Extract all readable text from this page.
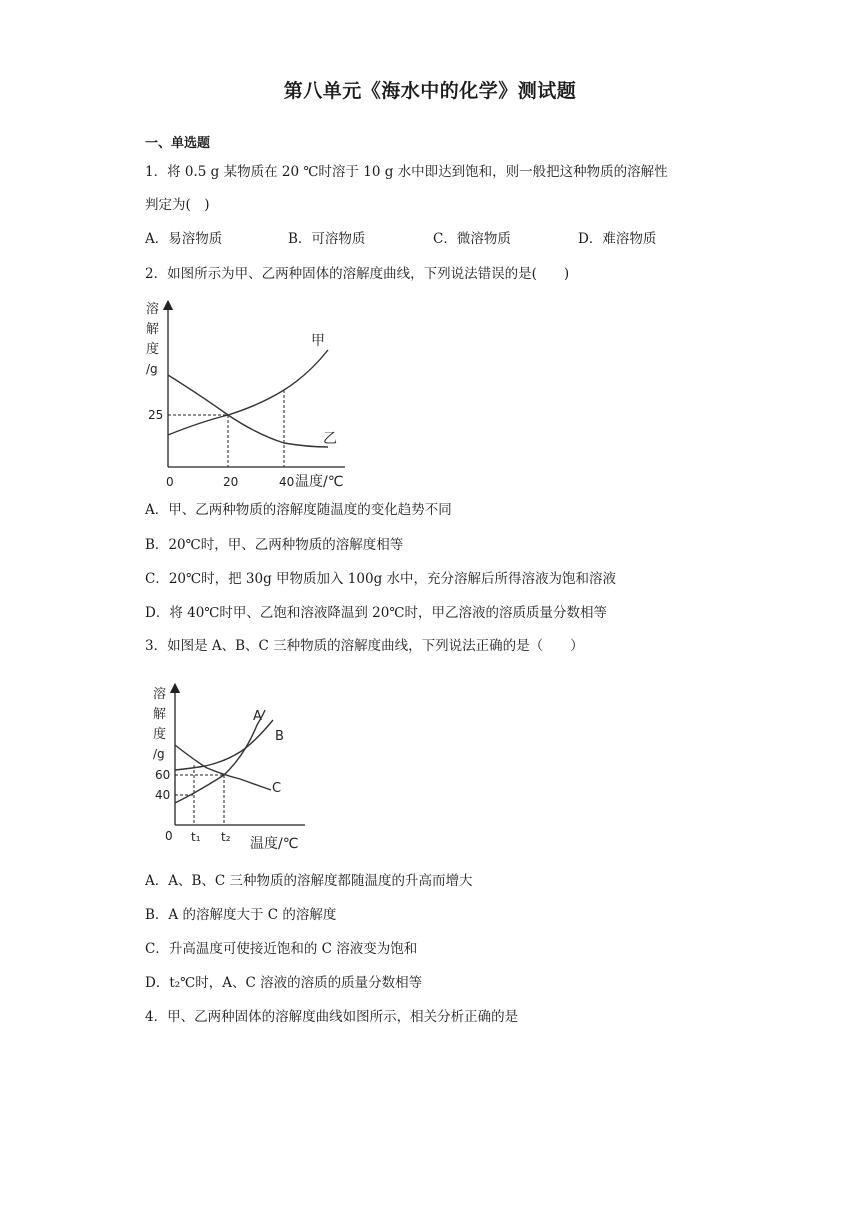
第八单元《海水中的化学》测试题
一、单选题
1．将 0.5 g 某物质在 20 ℃时溶于 10 g 水中即达到饱和，则一般把这种物质的溶解性
判定为(　)
A．易溶物质	B．可溶物质	C．微溶物质	D．难溶物质
2．如图所示为甲、乙两种固体的溶解度曲线，下列说法错误的是(　　)
溶
解
度
/g
25
0	20	40 温度/℃
甲
乙
A．甲、乙两种物质的溶解度随温度的变化趋势不同
B．20℃时，甲、乙两种物质的溶解度相等
C．20℃时，把 30g 甲物质加入 100g 水中，充分溶解后所得溶液为饱和溶液
D．将 40℃时甲、乙饱和溶液降温到 20℃时，甲乙溶液的溶质质量分数相等
3．如图是 A、B、C 三种物质的溶解度曲线，下列说法正确的是（　　）
溶
解
度
/g
60
40
0 t₁ t₂ 温度/℃
A
B
C
A．A、B、C 三种物质的溶解度都随温度的升高而增大
B．A 的溶解度大于 C 的溶解度
C．升高温度可使接近饱和的 C 溶液变为饱和
D．t₂℃时，A、C 溶液的溶质的质量分数相等
4．甲、乙两种固体的溶解度曲线如图所示，相关分析正确的是
